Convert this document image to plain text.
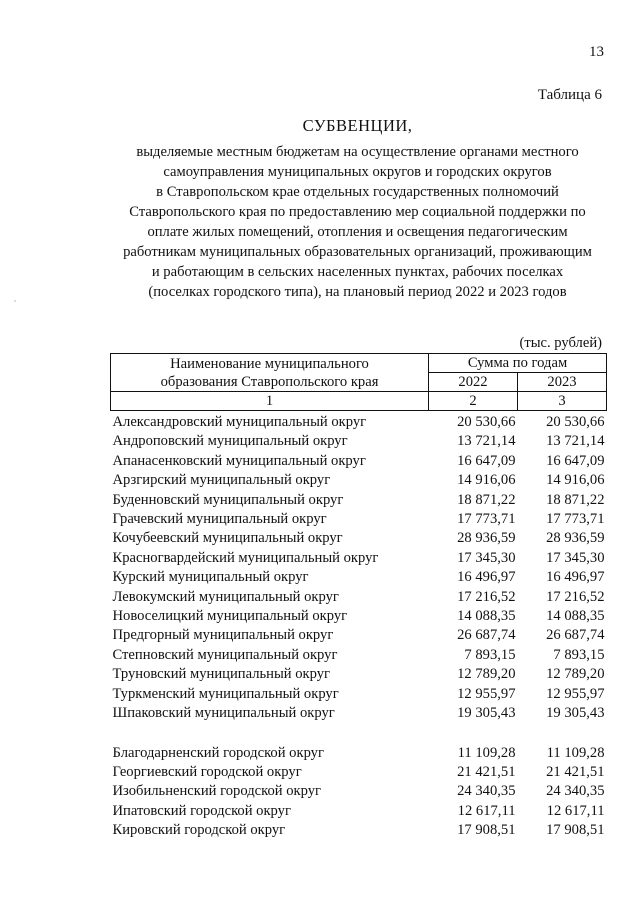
13
Таблица 6
СУБВЕНЦИИ,
выделяемые местным бюджетам на осуществление органами местного
самоуправления муниципальных округов и городских округов
в Ставропольском крае отдельных государственных полномочий
Ставропольского края по предоставлению мер социальной поддержки по
оплате жилых помещений, отопления и освещения педагогическим
работникам муниципальных образовательных организаций, проживающим
и работающим в сельских населенных пунктах, рабочих поселках
(поселках городского типа), на плановый период 2022 и 2023 годов
(тыс. рублей)
Наименование муниципального
образования Ставропольского края	Сумма по годам	
	2022	2023
1	2	3
Александровский муниципальный округ	20 530,66	20 530,66
Андроповский муниципальный округ	13 721,14	13 721,14
Апанасенковский муниципальный округ	16 647,09	16 647,09
Арзгирский муниципальный округ	14 916,06	14 916,06
Буденновский муниципальный округ	18 871,22	18 871,22
Грачевский муниципальный округ	17 773,71	17 773,71
Кочубеевский муниципальный округ	28 936,59	28 936,59
Красногвардейский муниципальный округ	17 345,30	17 345,30
Курский муниципальный округ	16 496,97	16 496,97
Левокумский муниципальный округ	17 216,52	17 216,52
Новоселицкий муниципальный округ	14 088,35	14 088,35
Предгорный муниципальный округ	26 687,74	26 687,74
Степновский муниципальный округ	7 893,15	7 893,15
Труновский муниципальный округ	12 789,20	12 789,20
Туркменский муниципальный округ	12 955,97	12 955,97
Шпаковский муниципальный округ	19 305,43	19 305,43

Благодарненский городской округ	11 109,28	11 109,28
Георгиевский городской округ	21 421,51	21 421,51
Изобильненский городской округ	24 340,35	24 340,35
Ипатовский городской округ	12 617,11	12 617,11
Кировский городской округ	17 908,51	17 908,51
